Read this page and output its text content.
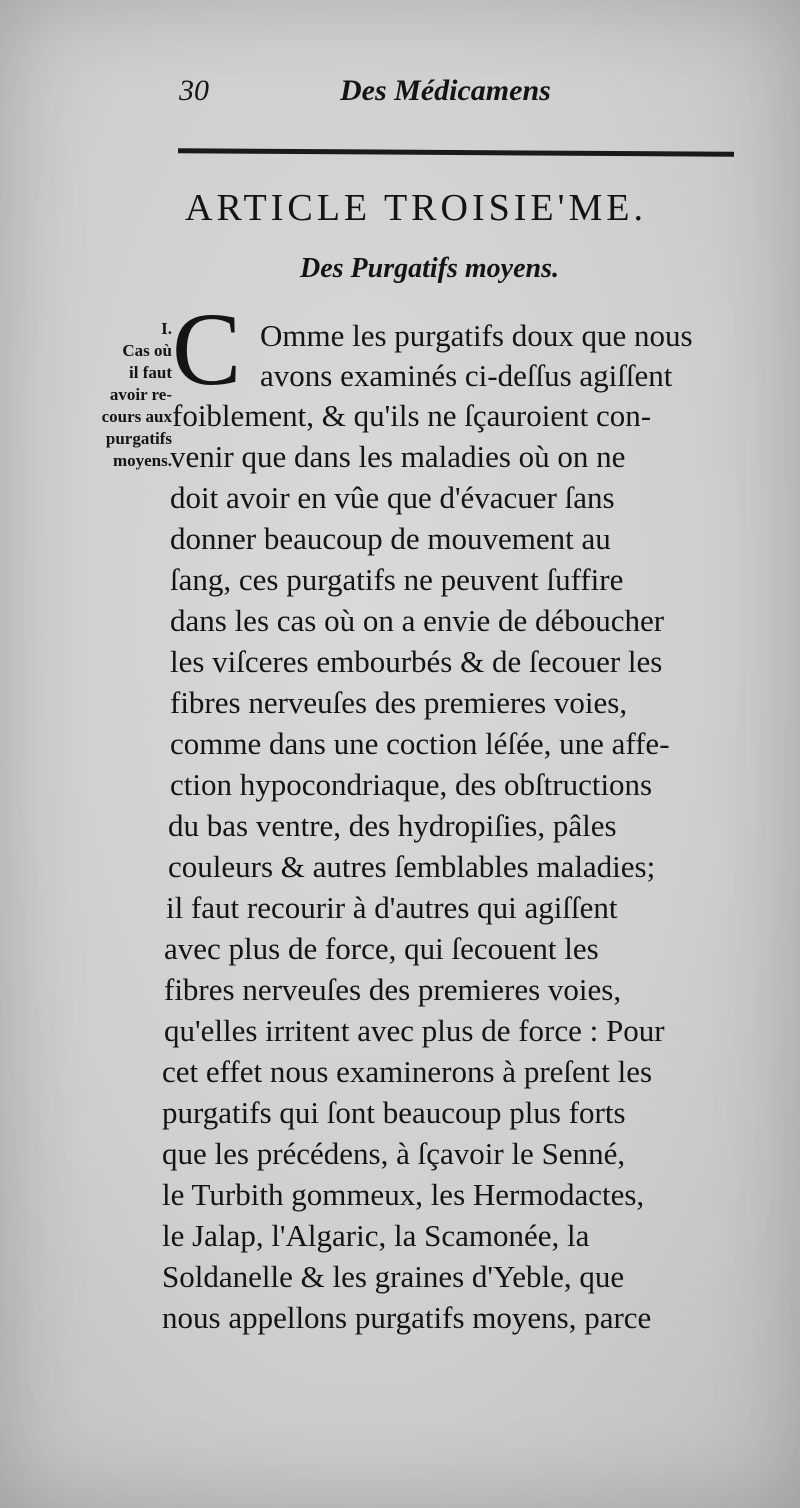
30	Des Médicamens
ARTICLE TROISIE'ME.
Des Purgatifs moyens.
I.
Cas où
il faut
avoir re-
cours aux
purgatifs
moyens.
C Omme les purgatifs doux que nous
avons examinés ci-deſſus agiſſent
foiblement, & qu'ils ne ſçauroient con-
venir que dans les maladies où on ne
doit avoir en vûe que d'évacuer ſans
donner beaucoup de mouvement au
ſang, ces purgatifs ne peuvent ſuffire
dans les cas où on a envie de déboucher
les viſceres embourbés & de ſecouer les
fibres nerveuſes des premieres voies,
comme dans une coction léſée, une affe-
ction hypocondriaque, des obſtructions
du bas ventre, des hydropiſies, pâles
couleurs & autres ſemblables maladies;
il faut recourir à d'autres qui agiſſent
avec plus de force, qui ſecouent les
fibres nerveuſes des premieres voies,
qu'elles irritent avec plus de force : Pour
cet effet nous examinerons à preſent les
purgatifs qui ſont beaucoup plus forts
que les précédens, à ſçavoir le Senné,
le Turbith gommeux, les Hermodactes,
le Jalap, l'Algaric, la Scamonée, la
Soldanelle & les graines d'Yeble, que
nous appellons purgatifs moyens, parce
